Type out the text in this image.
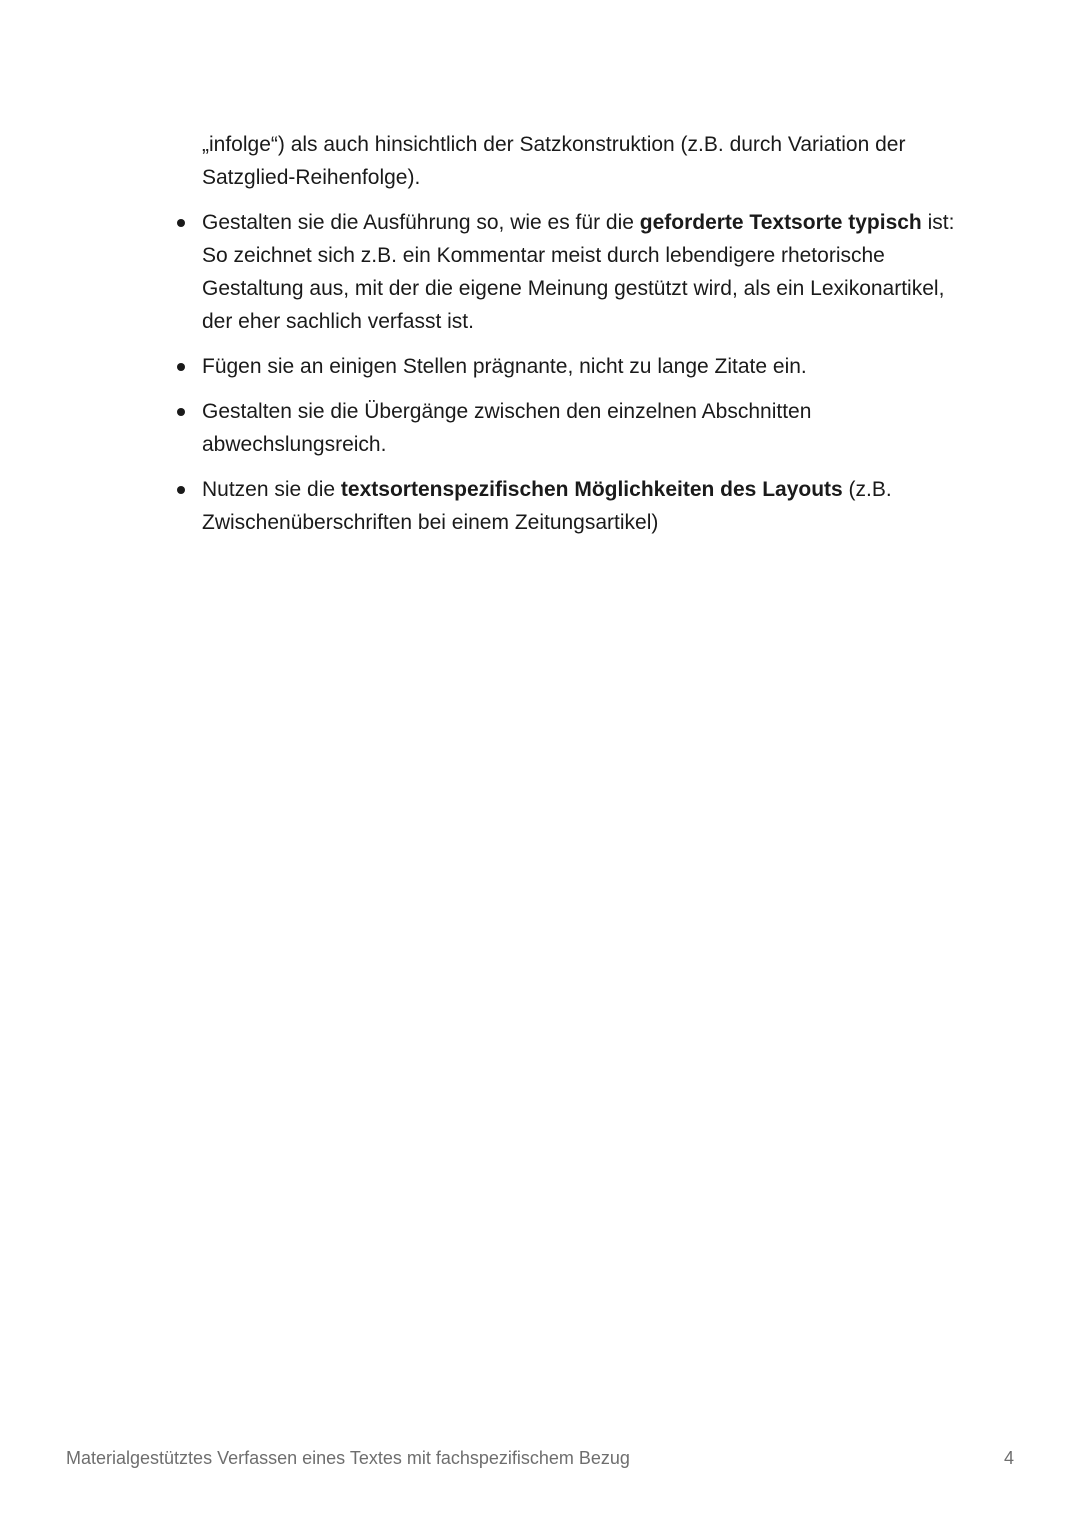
„infolge“) als auch hinsichtlich der Satzkonstruktion (z.B. durch Variation der Satzglied-Reihenfolge).

Gestalten sie die Ausführung so, wie es für die geforderte Textsorte typisch ist: So zeichnet sich z.B. ein Kommentar meist durch lebendigere rhetorische Gestaltung aus, mit der die eigene Meinung gestützt wird, als ein Lexikonartikel, der eher sachlich verfasst ist.
Fügen sie an einigen Stellen prägnante, nicht zu lange Zitate ein.
Gestalten sie die Übergänge zwischen den einzelnen Abschnitten abwechslungsreich.
Nutzen sie die textsortenspezifischen Möglichkeiten des Layouts (z.B. Zwischenüberschriften bei einem Zeitungsartikel)
Materialgestütztes Verfassen eines Textes mit fachspezifischem Bezug	4
